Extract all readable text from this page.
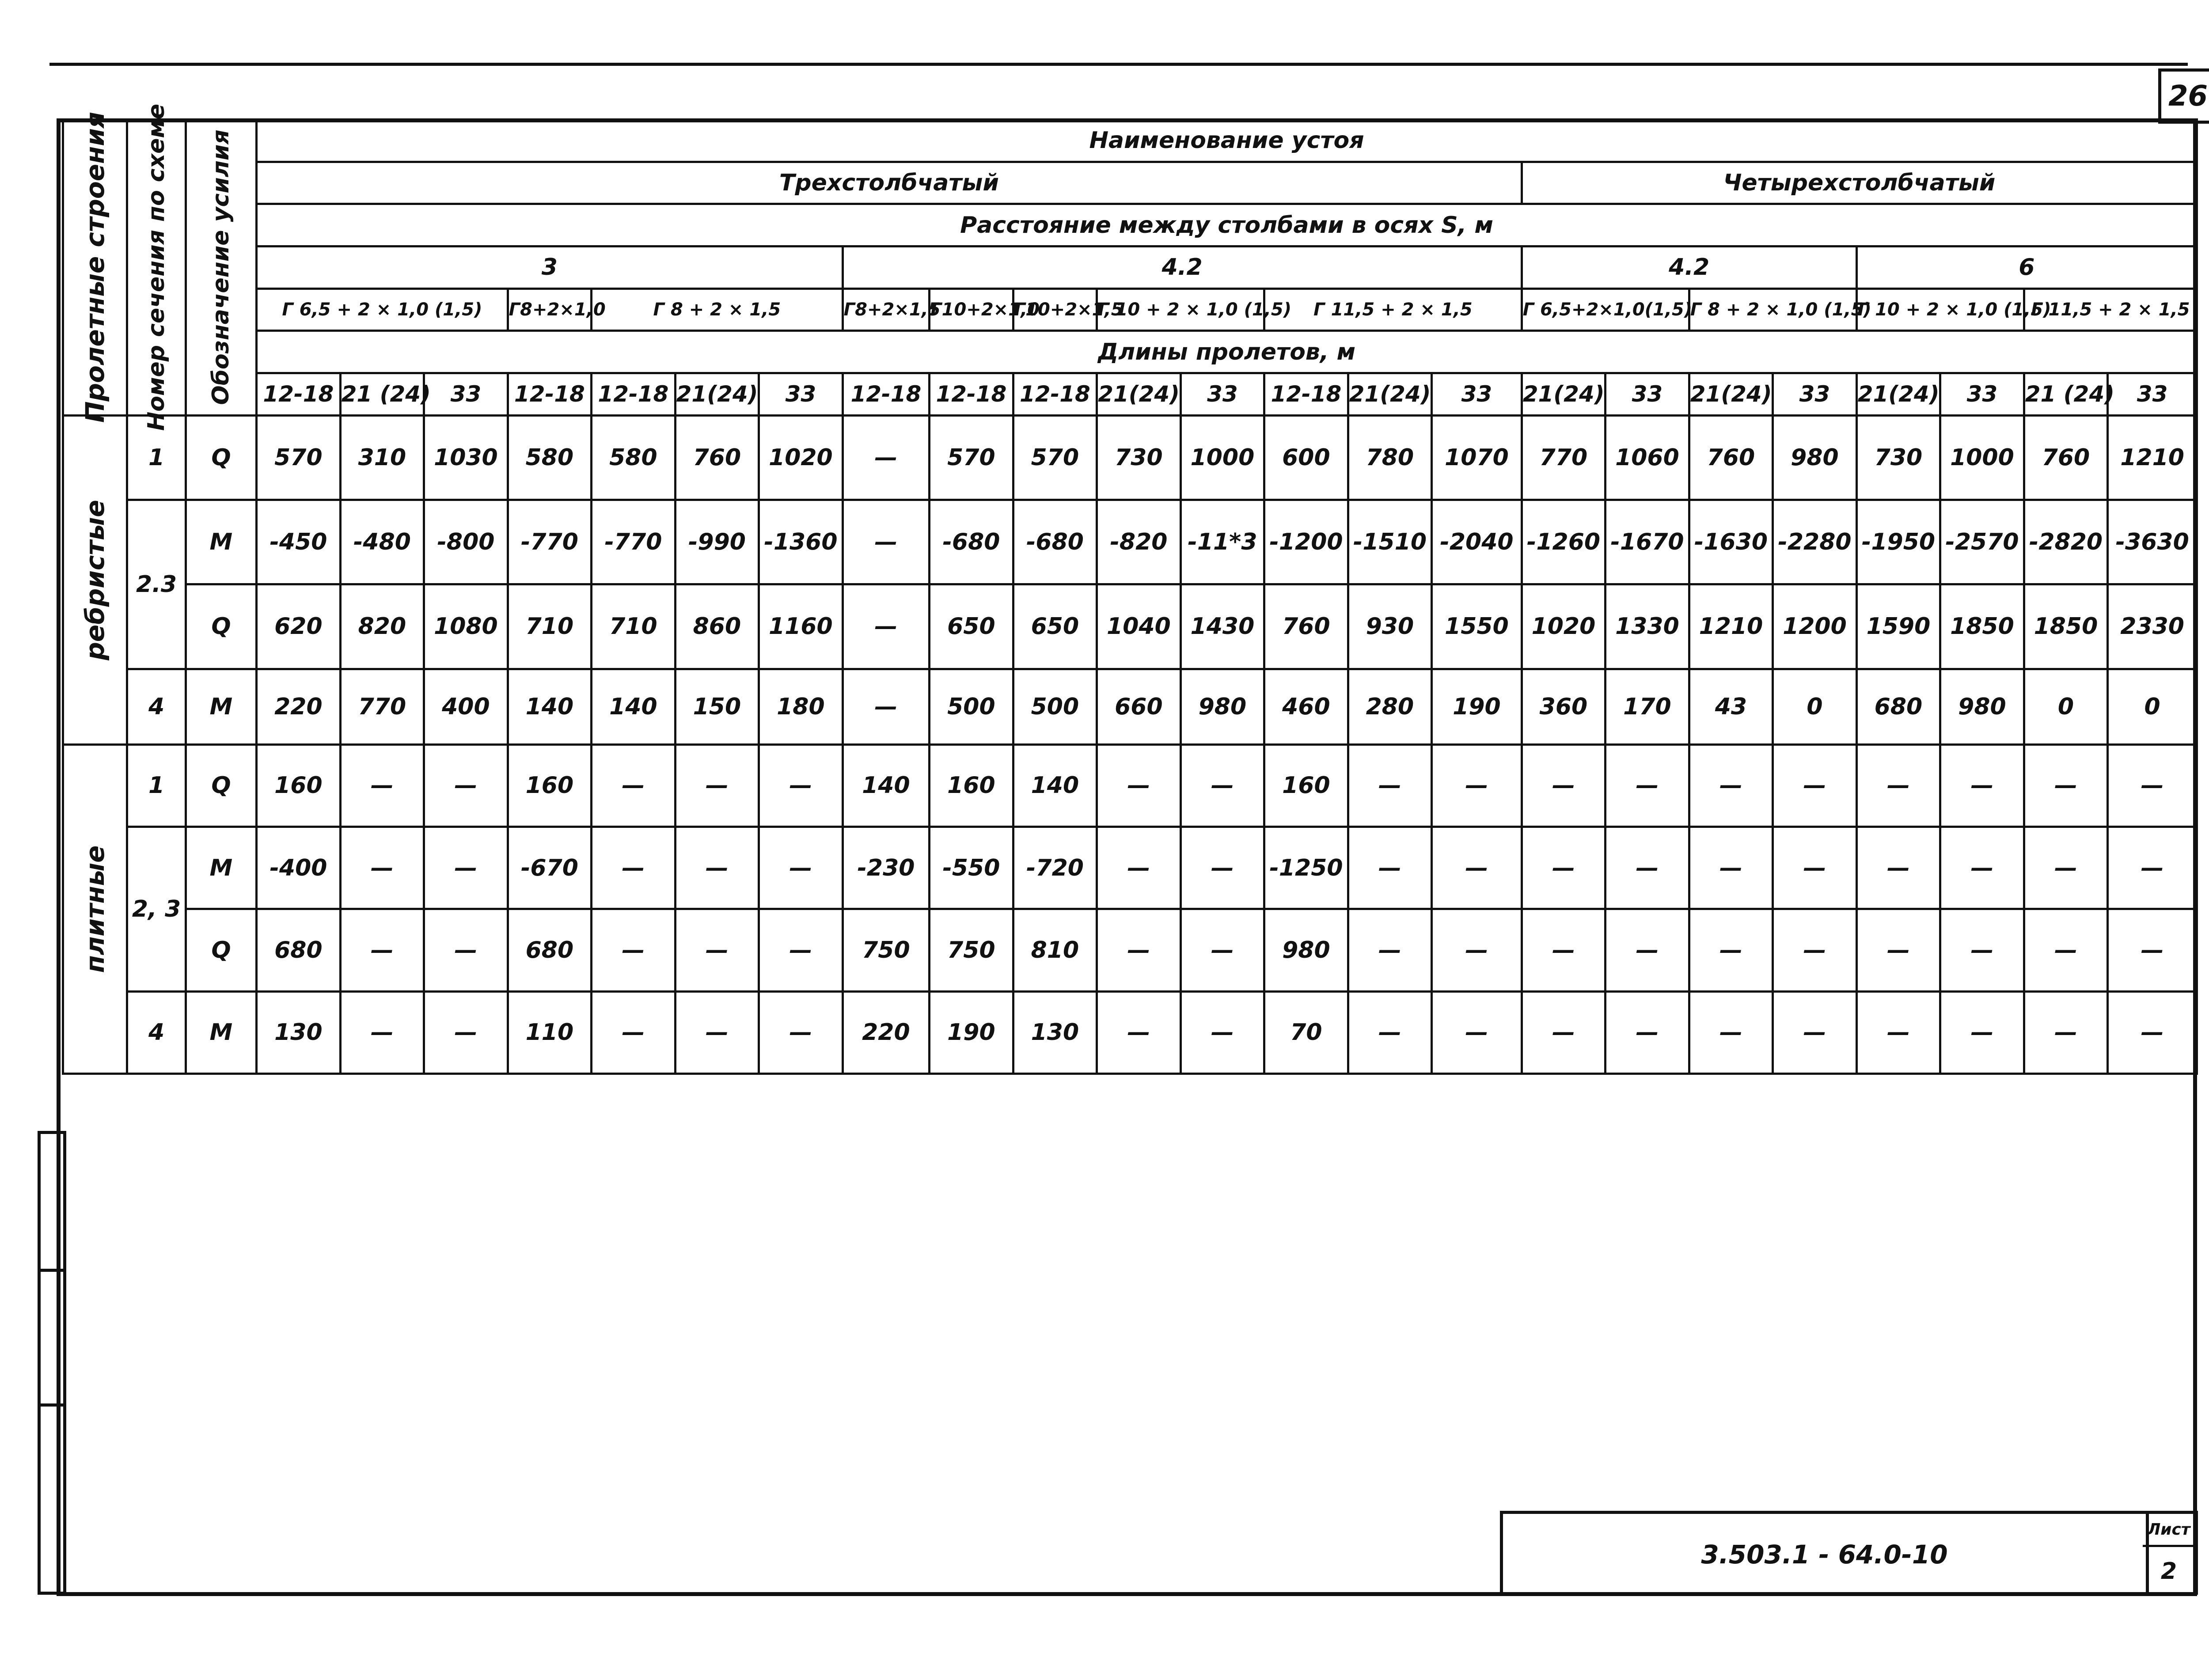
26
Пролетные строения	Номер сечения по схеме	Обозначение усилия	Наименование устоя																						
			Трехстолбчатый															Четырехстолбчатый							
			Расстояние между столбами в осях S, м																						
			3							4.2								4.2				6			
			Г 6,5 + 2 × 1,0 (1,5)			Г8+2×1,0	Г 8 + 2 × 1,5			Г8+2×1,5	Г10+2×1,0	Г10+2×1,5	Г 10 + 2 × 1,0 (1,5)		Г 11,5 + 2 × 1,5			Г 6,5+2×1,0(1,5)		Г 8 + 2 × 1,0 (1,5)		Г 10 + 2 × 1,0 (1,5)		Г 11,5 + 2 × 1,5	
			Длины пролетов, м																						
			12-18	21 (24)	33	12-18	12-18	21(24)	33	12-18	12-18	12-18	21(24)	33	12-18	21(24)	33	21(24)	33	21(24)	33	21(24)	33	21 (24)	33

ребристые	1	Q	570	310	1030	580	580	760	1020	—	570	570	730	1000	600	780	1070	770	1060	760	980	730	1000	760	1210
	2.3	M	-450	-480	-800	-770	-770	-990	-1360	—	-680	-680	-820	-11*3	-1200	-1510	-2040	-1260	-1670	-1630	-2280	-1950	-2570	-2820	-3630
		Q	620	820	1080	710	710	860	1160	—	650	650	1040	1430	760	930	1550	1020	1330	1210	1200	1590	1850	1850	2330
	4	M	220	770	400	140	140	150	180	—	500	500	660	980	460	280	190	360	170	43	0	680	980	0	0

плитные	1	Q	160	—	—	160	—	—	—	140	160	140	—	—	160	—	—	—	—	—	—	—	—	—	—
	2, 3	M	-400	—	—	-670	—	—	—	-230	-550	-720	—	—	-1250	—	—	—	—	—	—	—	—	—	—
		Q	680	—	—	680	—	—	—	750	750	810	—	—	980	—	—	—	—	—	—	—	—	—	—
	4	M	130	—	—	110	—	—	—	220	190	130	—	—	70	—	—	—	—	—	—	—	—	—	—
3.503.1 - 64.0-10
Лист
2
